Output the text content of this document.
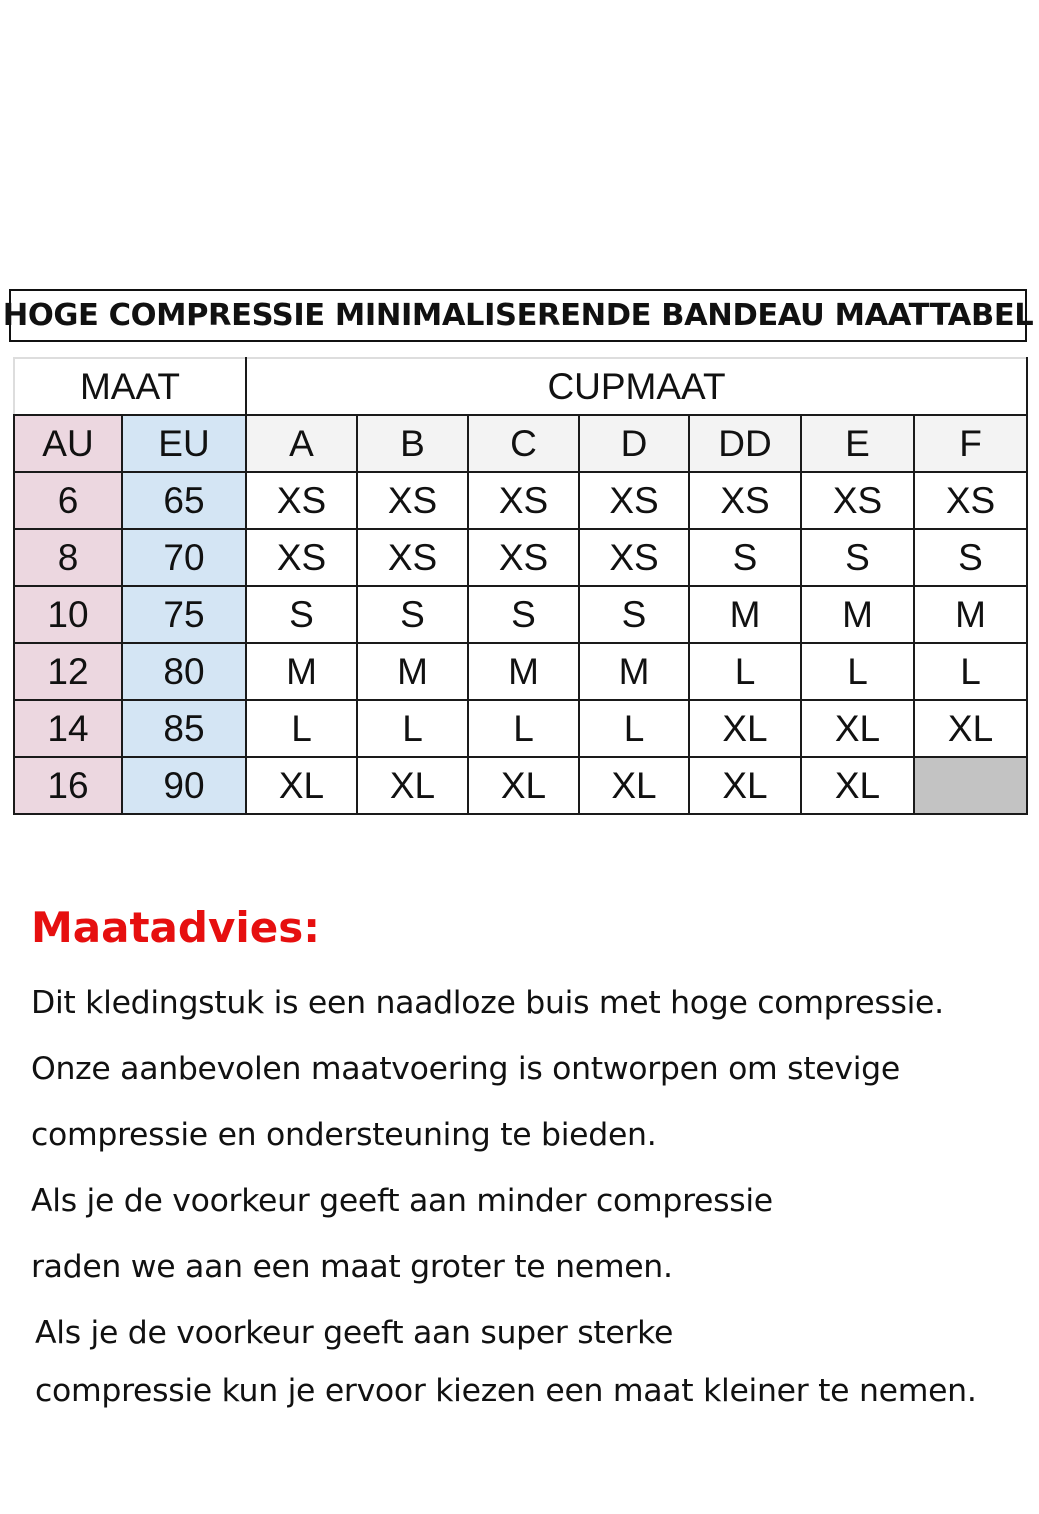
HOGE COMPRESSIE MINIMALISERENDE BANDEAU MAATTABEL
MAAT		CUPMAAT						
AU	EU	A	B	C	D	DD	E	F
6	65	XS	XS	XS	XS	XS	XS	XS
8	70	XS	XS	XS	XS	S	S	S
10	75	S	S	S	S	M	M	M
12	80	M	M	M	M	L	L	L
14	85	L	L	L	L	XL	XL	XL
16	90	XL	XL	XL	XL	XL	XL	
Maatadvies:
Dit kledingstuk is een naadloze buis met hoge compressie.
Onze aanbevolen maatvoering is ontworpen om stevige
compressie en ondersteuning te bieden.
Als je de voorkeur geeft aan minder compressie
raden we aan een maat groter te nemen.
Als je de voorkeur geeft aan super sterke
compressie kun je ervoor kiezen een maat kleiner te nemen.
